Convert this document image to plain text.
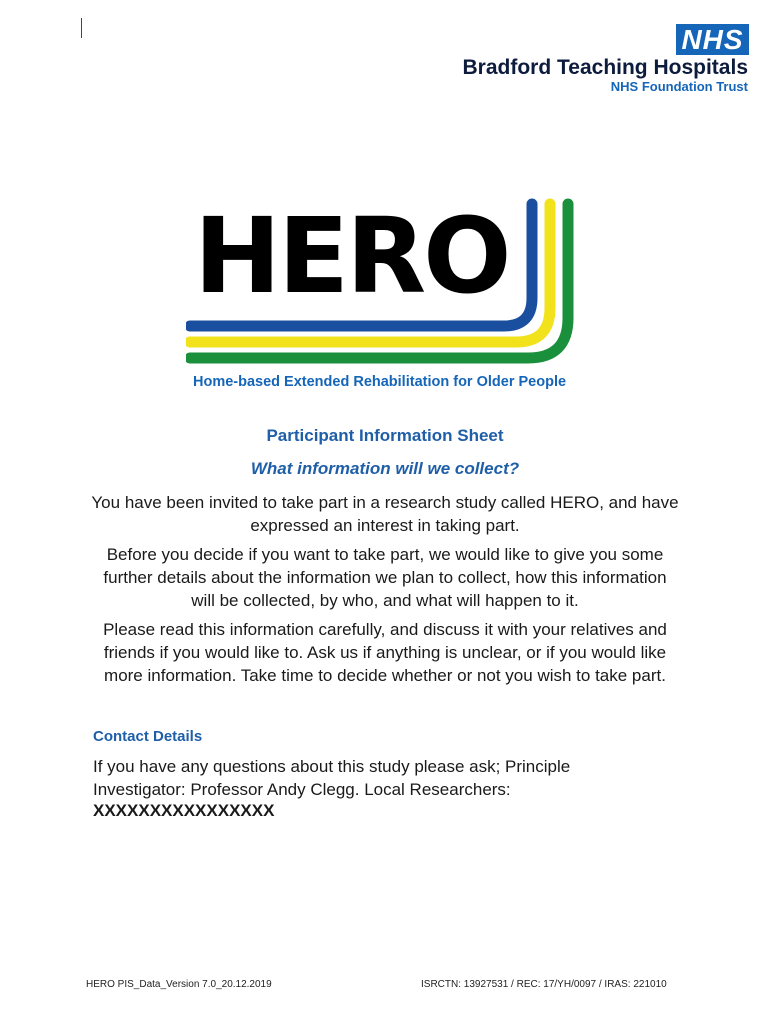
NHS
Bradford Teaching Hospitals
NHS Foundation Trust
HERO
Home-based Extended Rehabilitation for Older People
Participant Information Sheet
What information will we collect?
You have been invited to take part in a research study called HERO, and have expressed an interest in taking part.
Before you decide if you want to take part, we would like to give you some further details about the information we plan to collect, how this information will be collected, by who, and what will happen to it.
Please read this information carefully, and discuss it with your relatives and friends if you would like to. Ask us if anything is unclear, or if you would like more information. Take time to decide whether or not you wish to take part.
Contact Details
If you have any questions about this study please ask; Principle Investigator: Professor Andy Clegg. Local Researchers:
XXXXXXXXXXXXXXXX
HERO PIS_Data_Version 7.0_20.12.2019	ISRCTN: 13927531 / REC: 17/YH/0097 / IRAS: 221010
